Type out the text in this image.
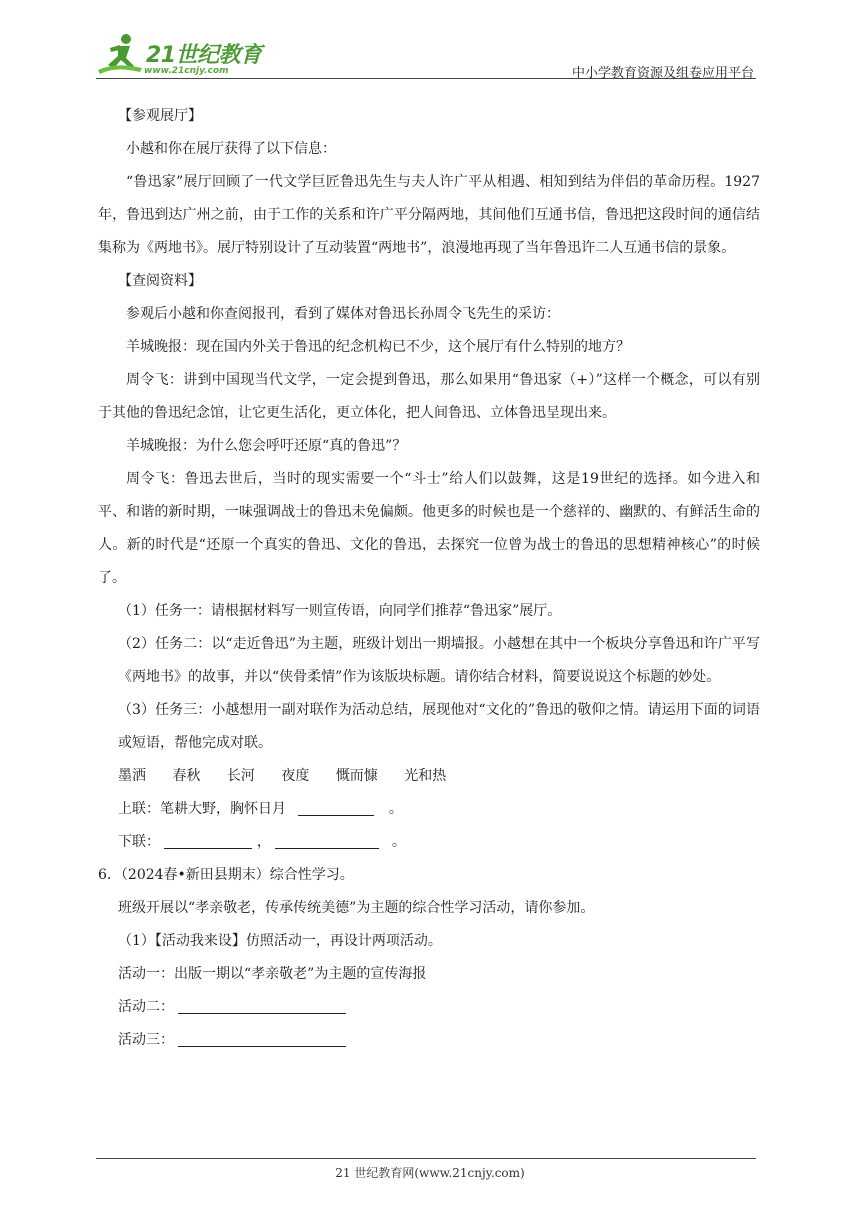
21世纪教育
www.21cnjy.com	中小学教育资源及组卷应用平台

【参观展厅】

小越和你在展厅获得了以下信息：

“鲁迅家”展厅回顾了一代文学巨匠鲁迅先生与夫人许广平从相遇、相知到结为伴侣的革命历程。1927年，鲁迅到达广州之前，由于工作的关系和许广平分隔两地，其间他们互通书信，鲁迅把这段时间的通信结集称为《两地书》。展厅特别设计了互动装置“两地书”，浪漫地再现了当年鲁迅许二人互通书信的景象。

【查阅资料】

参观后小越和你查阅报刊，看到了媒体对鲁迅长孙周令飞先生的采访：

羊城晚报：现在国内外关于鲁迅的纪念机构已不少，这个展厅有什么特别的地方？

周令飞：讲到中国现当代文学，一定会提到鲁迅，那么如果用“鲁迅家（+）”这样一个概念，可以有别于其他的鲁迅纪念馆，让它更生活化，更立体化，把人间鲁迅、立体鲁迅呈现出来。

羊城晚报：为什么您会呼吁还原“真的鲁迅”？

周令飞：鲁迅去世后，当时的现实需要一个“斗士”给人们以鼓舞，这是19世纪的选择。如今进入和平、和谐的新时期，一味强调战士的鲁迅未免偏颇。他更多的时候也是一个慈祥的、幽默的、有鲜活生命的人。新的时代是“还原一个真实的鲁迅、文化的鲁迅，去探究一位曾为战士的鲁迅的思想精神核心”的时候了。

（1）任务一：请根据材料写一则宣传语，向同学们推荐“鲁迅家”展厅。

（2）任务二：以“走近鲁迅”为主题，班级计划出一期墙报。小越想在其中一个板块分享鲁迅和许广平写《两地书》的故事，并以“侠骨柔情”作为该版块标题。请你结合材料，简要说说这个标题的妙处。

（3）任务三：小越想用一副对联作为活动总结，展现他对“文化的”鲁迅的敬仰之情。请运用下面的词语或短语，帮他完成对联。

墨洒 春秋 长河 夜度 慨而慷 光和热

上联：笔耕大野，胸怀日月	。

下联：	，	。

6．（2024春•新田县期末）综合性学习。

班级开展以“孝亲敬老，传承传统美德”为主题的综合性学习活动，请你参加。

（1）【活动我来设】仿照活动一，再设计两项活动。

活动一：出版一期以“孝亲敬老”为主题的宣传海报

活动二：

活动三：

21 世纪教育网(www.21cnjy.com)
